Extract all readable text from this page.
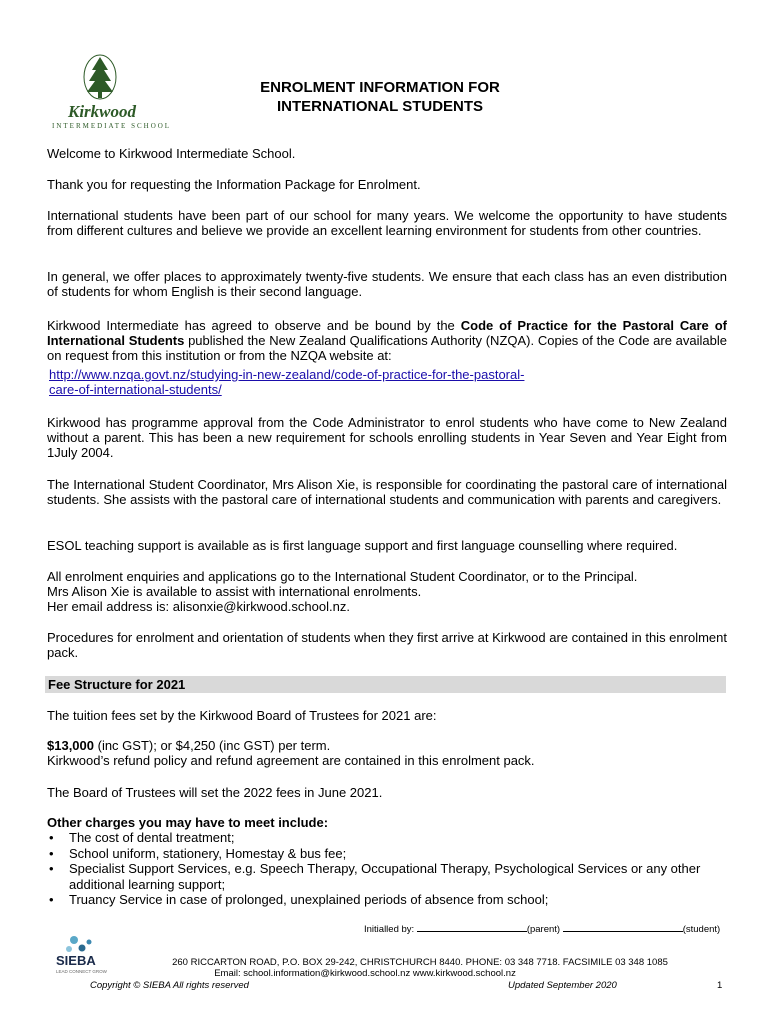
Kirkwood
INTERMEDIATE SCHOOL
ENROLMENT INFORMATION FOR
INTERNATIONAL STUDENTS
Welcome to Kirkwood Intermediate School.
Thank you for requesting the Information Package for Enrolment.
International students have been part of our school for many years. We welcome the opportunity to have students from different cultures and believe we provide an excellent learning environment for students from other countries.
In general, we offer places to approximately twenty-five students. We ensure that each class has an even distribution of students for whom English is their second language.
Kirkwood Intermediate has agreed to observe and be bound by the Code of Practice for the Pastoral Care of International Students published the New Zealand Qualifications Authority (NZQA). Copies of the Code are available on request from this institution or from the NZQA website at:
http://www.nzqa.govt.nz/studying-in-new-zealand/code-of-practice-for-the-pastoral-
care-of-international-students/
Kirkwood has programme approval from the Code Administrator to enrol students who have come to New Zealand without a parent. This has been a new requirement for schools enrolling students in Year Seven and Year Eight from 1July 2004.
The International Student Coordinator, Mrs Alison Xie, is responsible for coordinating the pastoral care of international students. She assists with the pastoral care of international students and communication with parents and caregivers.
ESOL teaching support is available as is first language support and first language counselling where required.
All enrolment enquiries and applications go to the International Student Coordinator, or to the Principal.
Mrs Alison Xie is available to assist with international enrolments.
Her email address is: alisonxie@kirkwood.school.nz.
Procedures for enrolment and orientation of students when they first arrive at Kirkwood are contained in this enrolment pack.
Fee Structure for 2021
The tuition fees set by the Kirkwood Board of Trustees for 2021 are:
$13,000 (inc GST); or $4,250 (inc GST) per term.
Kirkwood’s refund policy and refund agreement are contained in this enrolment pack.
The Board of Trustees will set the 2022 fees in June 2021.
Other charges you may have to meet include:
• The cost of dental treatment;
• School uniform, stationery, Homestay & bus fee;
• Specialist Support Services, e.g. Speech Therapy, Occupational Therapy, Psychological Services or any other additional learning support;
• Truancy Service in case of prolonged, unexplained periods of absence from school;
Initialled by:	(parent)	(student)
SIEBA
LEAD CONNECT GROW
260 RICCARTON ROAD, P.O. BOX 29-242, CHRISTCHURCH 8440. PHONE: 03 348 7718. FACSIMILE 03 348 1085
Email: school.information@kirkwood.school.nz www.kirkwood.school.nz
Copyright © SIEBA All rights reserved	Updated September 2020	1
